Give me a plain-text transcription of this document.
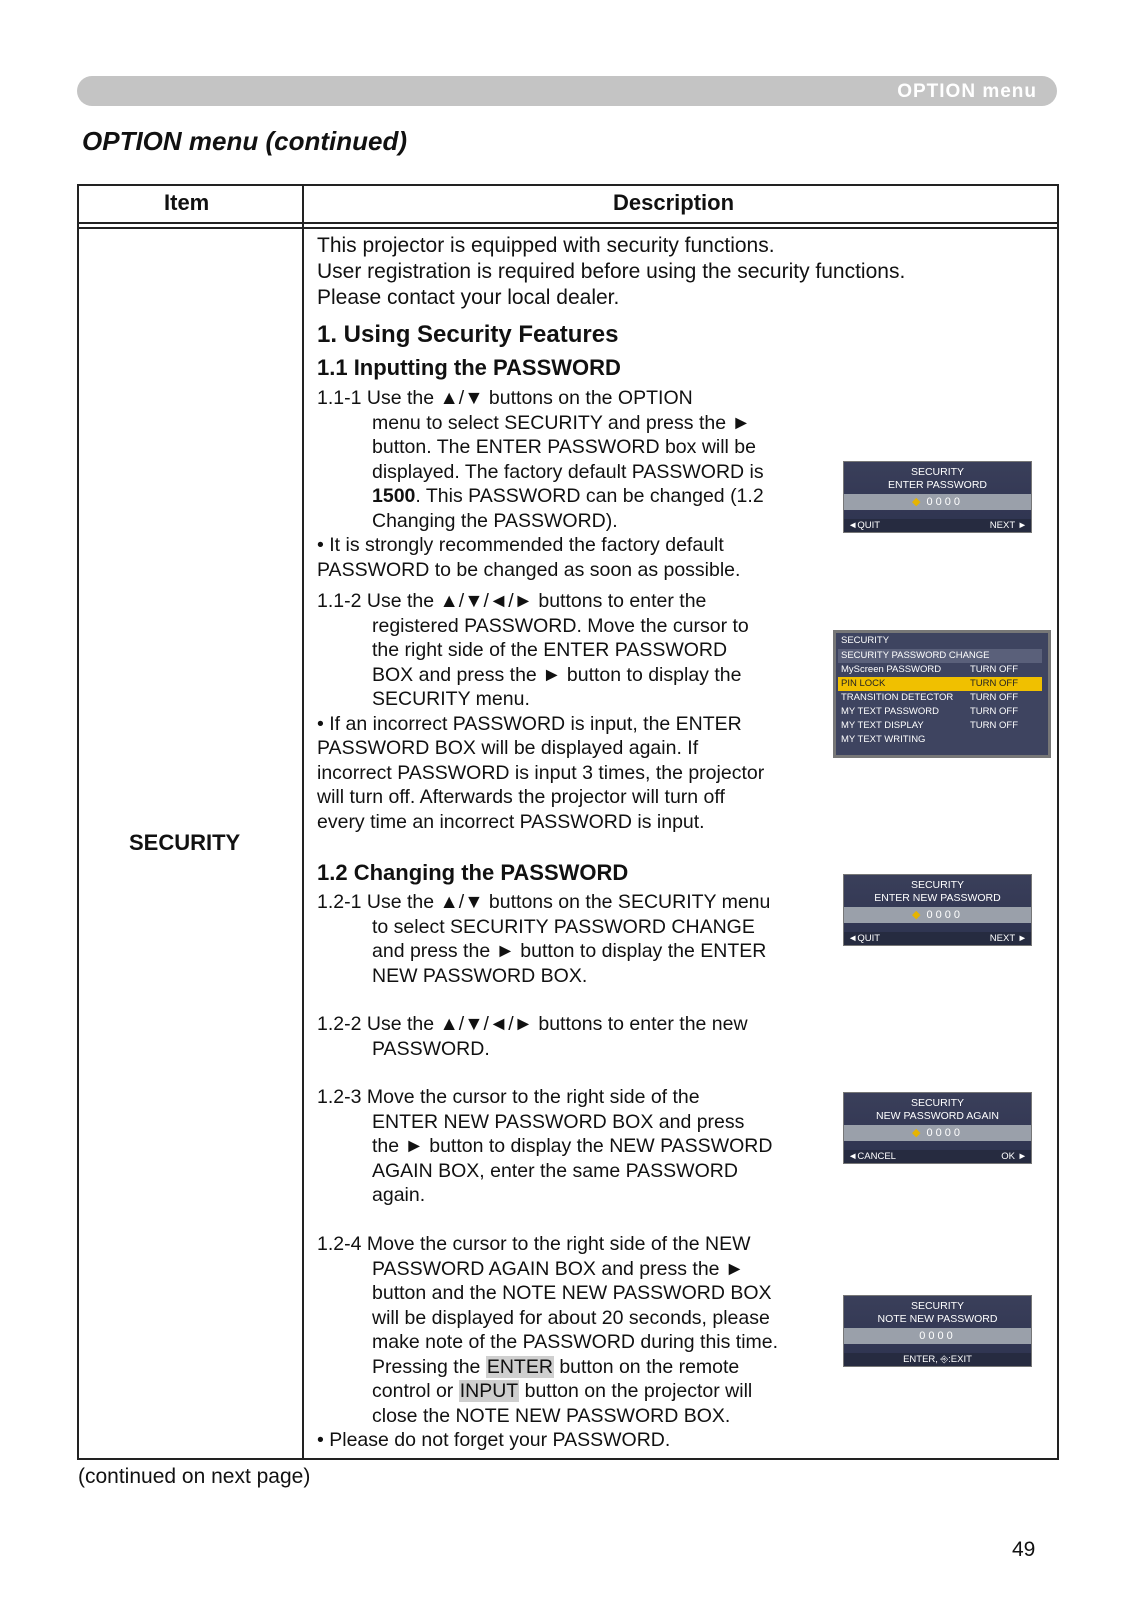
OPTION menu
OPTION menu (continued)
Item	Description
SECURITY

This projector is equipped with security functions.
User registration is required before using the security functions.
Please contact your local dealer.

1. Using Security Features
1.1 Inputting the PASSWORD

1.1-1 Use the ▲/▼ buttons on the OPTION
menu to select SECURITY and press the ►
button. The ENTER PASSWORD box will be
displayed. The factory default PASSWORD is
1500. This PASSWORD can be changed (1.2
Changing the PASSWORD).
• It is strongly recommended the factory default
PASSWORD to be changed as soon as possible.

1.1-2 Use the ▲/▼/◄/► buttons to enter the
registered PASSWORD. Move the cursor to
the right side of the ENTER PASSWORD
BOX and press the ► button to display the
SECURITY menu.
• If an incorrect PASSWORD is input, the ENTER
PASSWORD BOX will be displayed again. If
incorrect PASSWORD is input 3 times, the projector
will turn off. Afterwards the projector will turn off
every time an incorrect PASSWORD is input.

1.2 Changing the PASSWORD

1.2-1 Use the ▲/▼ buttons on the SECURITY menu
to select SECURITY PASSWORD CHANGE
and press the ► button to display the ENTER
NEW PASSWORD BOX.

1.2-2 Use the ▲/▼/◄/► buttons to enter the new
PASSWORD.

1.2-3 Move the cursor to the right side of the
ENTER NEW PASSWORD BOX and press
the ► button to display the NEW PASSWORD
AGAIN BOX, enter the same PASSWORD
again.

1.2-4 Move the cursor to the right side of the NEW
PASSWORD AGAIN BOX and press the ►
button and the NOTE NEW PASSWORD BOX
will be displayed for about 20 seconds, please
make note of the PASSWORD during this time.
Pressing the ENTER button on the remote
control or INPUT button on the projector will
close the NOTE NEW PASSWORD BOX.
• Please do not forget your PASSWORD.

SECURITY
ENTER PASSWORD
◆ 0000
◄QUIT	NEXT ►
SECURITY
SECURITY PASSWORD CHANGE
MyScreen PASSWORD	TURN OFF
PIN LOCK	TURN OFF
TRANSITION DETECTOR TURN OFF
MY TEXT PASSWORD	TURN OFF
MY TEXT DISPLAY	TURN OFF
MY TEXT WRITING
SECURITY
ENTER NEW PASSWORD
◆ 0000
◄QUIT	NEXT ►
SECURITY
NEW PASSWORD AGAIN
◆ 0000
◄CANCEL	OK ►
SECURITY
NOTE NEW PASSWORD
0000
ENTER, ⎆:EXIT
(continued on next page)
49
